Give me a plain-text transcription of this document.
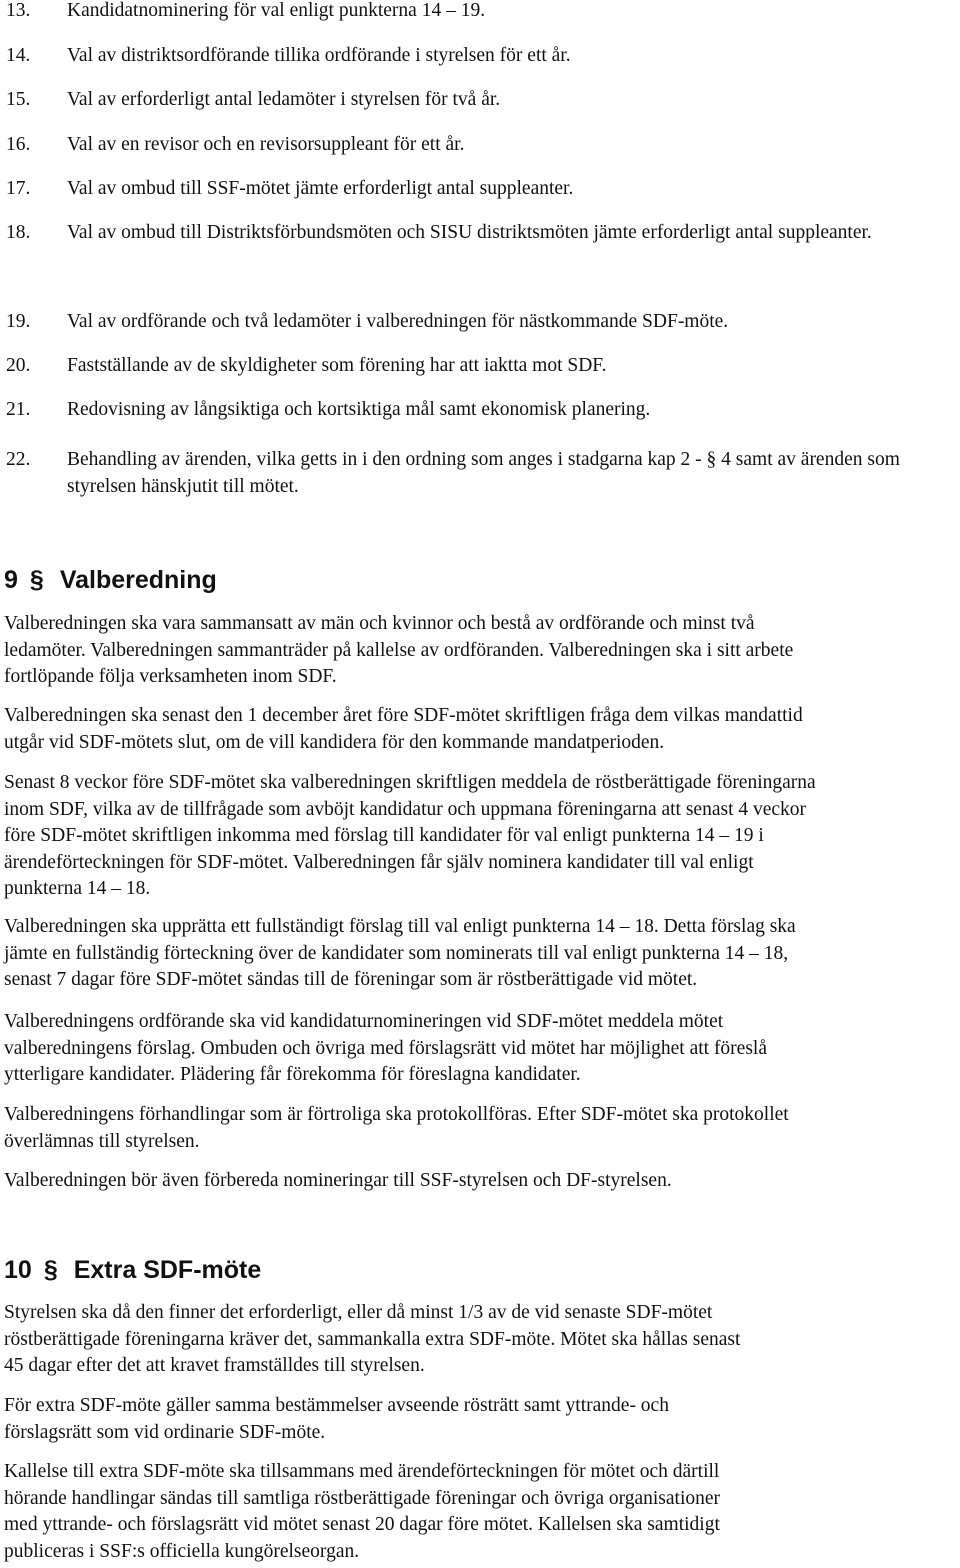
13.	Kandidatnominering för val enligt punkterna 14 – 19.
14.	Val av distriktsordförande tillika ordförande i styrelsen för ett år.
15.	Val av erforderligt antal ledamöter i styrelsen för två år.
16.	Val av en revisor och en revisorsuppleant för ett år.
17.	Val av ombud till SSF-mötet jämte erforderligt antal suppleanter.
18.	Val av ombud till Distriktsförbundsmöten och SISU distriktsmöten jämte erforderligt antal suppleanter.
19.	Val av ordförande och två ledamöter i valberedningen för nästkommande SDF-möte.
20.	Fastställande av de skyldigheter som förening har att iaktta mot SDF.
21.	Redovisning av långsiktiga och kortsiktiga mål samt ekonomisk planering.
22.	Behandling av ärenden, vilka getts in i den ordning som anges i stadgarna kap 2 - § 4 samt av ärenden som styrelsen hänskjutit till mötet.
9 § Valberedning
Valberedningen ska vara sammansatt av män och kvinnor och bestå av ordförande och minst två
ledamöter. Valberedningen sammanträder på kallelse av ordföranden. Valberedningen ska i sitt arbete
fortlöpande följa verksamheten inom SDF.
Valberedningen ska senast den 1 december året före SDF-mötet skriftligen fråga dem vilkas mandattid
utgår vid SDF-mötets slut, om de vill kandidera för den kommande mandatperioden.
Senast 8 veckor före SDF-mötet ska valberedningen skriftligen meddela de röstberättigade föreningarna
inom SDF, vilka av de tillfrågade som avböjt kandidatur och uppmana föreningarna att senast 4 veckor
före SDF-mötet skriftligen inkomma med förslag till kandidater för val enligt punkterna 14 – 19 i
ärendeförteckningen för SDF-mötet. Valberedningen får själv nominera kandidater till val enligt
punkterna 14 – 18.
Valberedningen ska upprätta ett fullständigt förslag till val enligt punkterna 14 – 18. Detta förslag ska
jämte en fullständig förteckning över de kandidater som nominerats till val enligt punkterna 14 – 18,
senast 7 dagar före SDF-mötet sändas till de föreningar som är röstberättigade vid mötet.
Valberedningens ordförande ska vid kandidaturnomineringen vid SDF-mötet meddela mötet
valberedningens förslag. Ombuden och övriga med förslagsrätt vid mötet har möjlighet att föreslå
ytterligare kandidater. Plädering får förekomma för föreslagna kandidater.
Valberedningens förhandlingar som är förtroliga ska protokollföras. Efter SDF-mötet ska protokollet
överlämnas till styrelsen.
Valberedningen bör även förbereda nomineringar till SSF-styrelsen och DF-styrelsen.
10 § Extra SDF-möte
Styrelsen ska då den finner det erforderligt, eller då minst 1/3 av de vid senaste SDF-mötet
röstberättigade föreningarna kräver det, sammankalla extra SDF-möte. Mötet ska hållas senast
45 dagar efter det att kravet framställdes till styrelsen.
För extra SDF-möte gäller samma bestämmelser avseende rösträtt samt yttrande- och
förslagsrätt som vid ordinarie SDF-möte.
Kallelse till extra SDF-möte ska tillsammans med ärendeförteckningen för mötet och därtill
hörande handlingar sändas till samtliga röstberättigade föreningar och övriga organisationer
med yttrande- och förslagsrätt vid mötet senast 20 dagar före mötet. Kallelsen ska samtidigt
publiceras i SSF:s officiella kungörelseorgan.
